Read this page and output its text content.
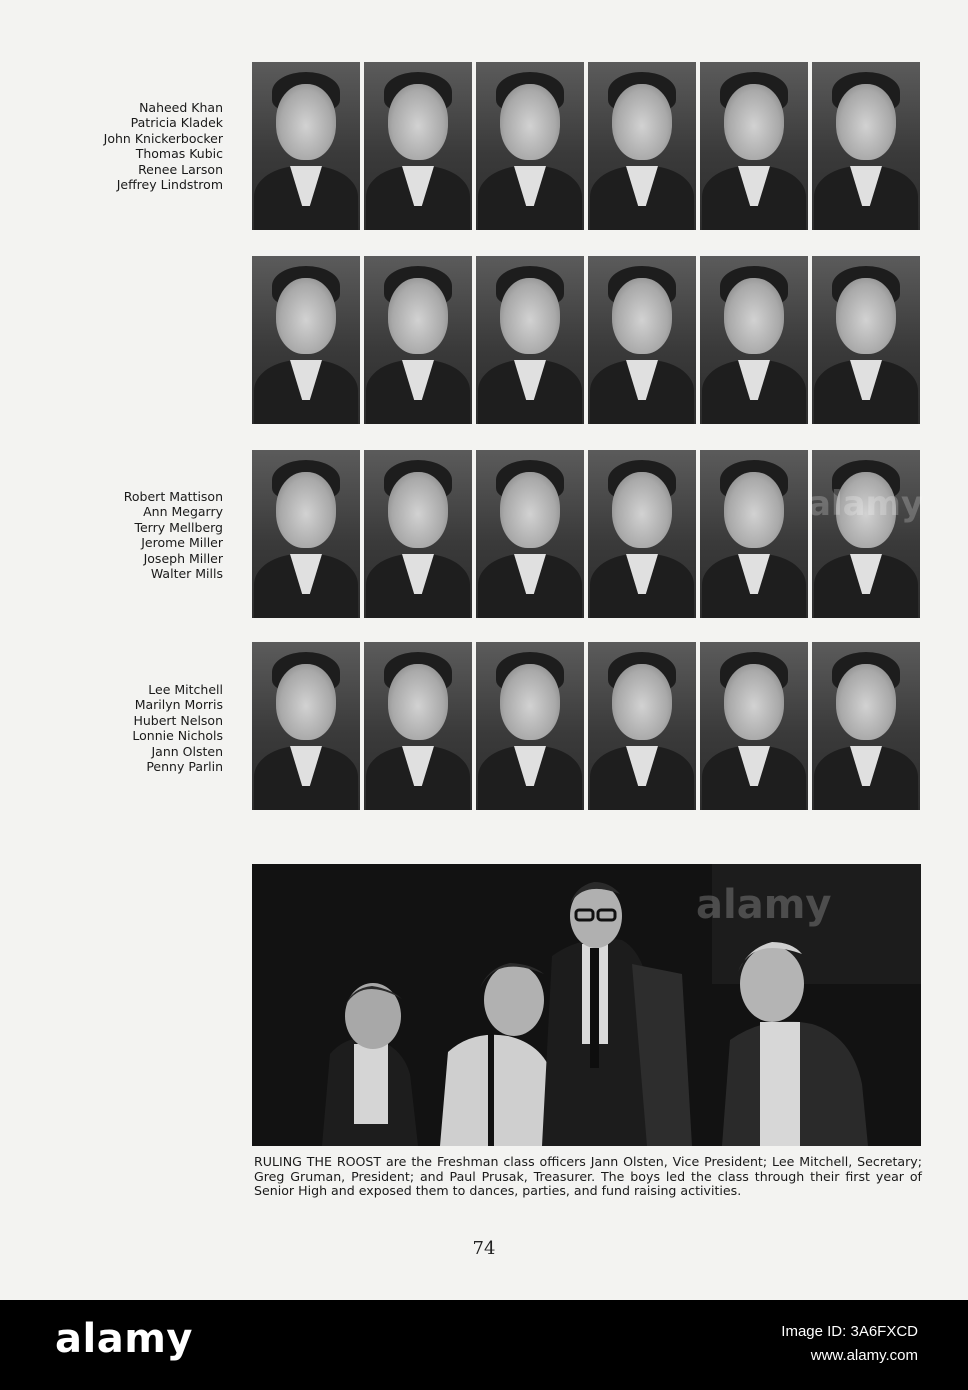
Naheed Khan
Patricia Kladek
John Knickerbocker
Thomas Kubic
Renee Larson
Jeffrey Lindstrom
Robert Mattison
Ann Megarry
Terry Mellberg
Jerome Miller
Joseph Miller
Walter Mills
alamy
Lee Mitchell
Marilyn Morris
Hubert Nelson
Lonnie Nichols
Jann Olsten
Penny Parlin
alamy
RULING THE ROOST are the Freshman class officers Jann Olsten, Vice President; Lee Mitchell, Secretary; Greg Gruman, President; and Paul Prusak, Treasurer. The boys led the class through their first year of Senior High and exposed them to dances, parties, and fund raising activities.
74
alamy	Image ID: 3A6FXCD
www.alamy.com
